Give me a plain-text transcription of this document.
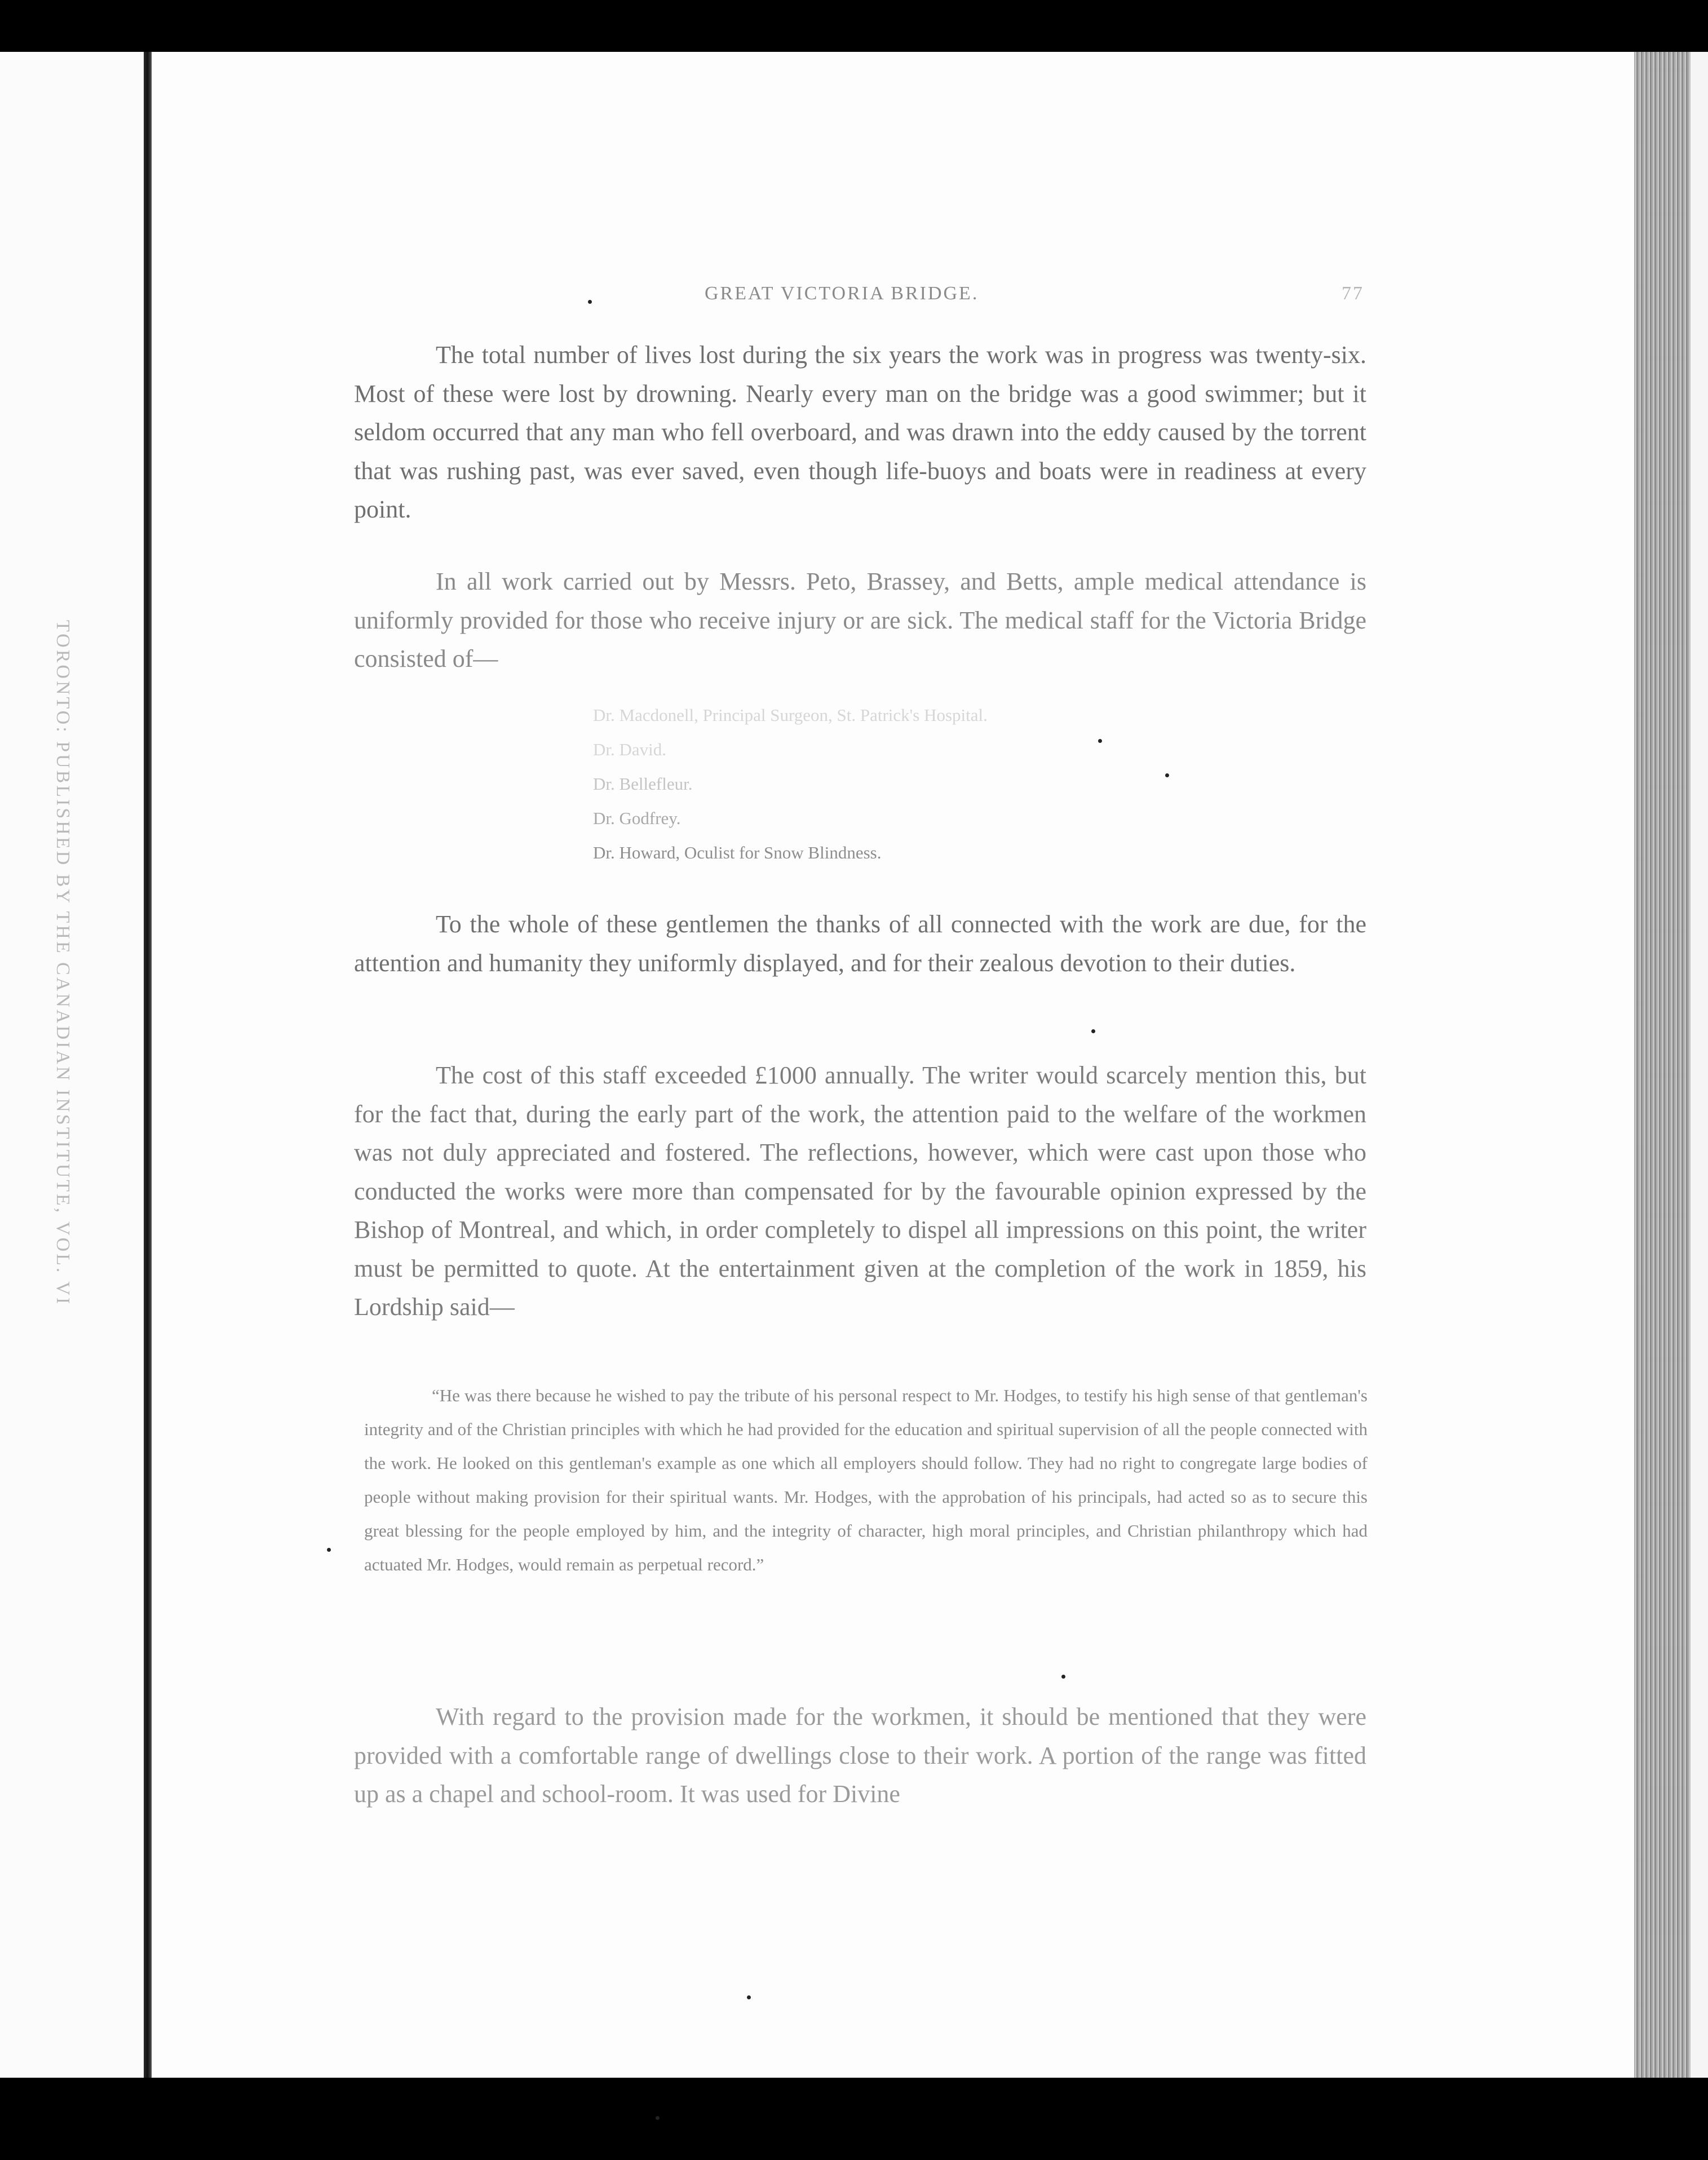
TORONTO: PUBLISHED BY THE CANADIAN INSTITUTE, VOL. VI
GREAT VICTORIA BRIDGE.	77

The total number of lives lost during the six years the work was in progress was twenty-six. Most of these were lost by drowning. Nearly every man on the bridge was a good swimmer; but it seldom occurred that any man who fell overboard, and was drawn into the eddy caused by the torrent that was rushing past, was ever saved, even though life-buoys and boats were in readiness at every point.

In all work carried out by Messrs. Peto, Brassey, and Betts, ample medical attendance is uniformly provided for those who receive injury or are sick. The medical staff for the Victoria Bridge consisted of—

Dr. Macdonell, Principal Surgeon, St. Patrick's Hospital.
Dr. David.
Dr. Bellefleur.
Dr. Godfrey.
Dr. Howard, Oculist for Snow Blindness.

To the whole of these gentlemen the thanks of all connected with the work are due, for the attention and humanity they uniformly displayed, and for their zealous devotion to their duties.

The cost of this staff exceeded £1000 annually. The writer would scarcely mention this, but for the fact that, during the early part of the work, the attention paid to the welfare of the workmen was not duly appreciated and fostered. The reflections, however, which were cast upon those who conducted the works were more than compensated for by the favourable opinion expressed by the Bishop of Montreal, and which, in order completely to dispel all impressions on this point, the writer must be permitted to quote. At the entertainment given at the completion of the work in 1859, his Lordship said—

“He was there because he wished to pay the tribute of his personal respect to Mr. Hodges, to testify his high sense of that gentleman's integrity and of the Christian principles with which he had provided for the education and spiritual supervision of all the people connected with the work. He looked on this gentleman's example as one which all employers should follow. They had no right to congregate large bodies of people without making provision for their spiritual wants. Mr. Hodges, with the approbation of his principals, had acted so as to secure this great blessing for the people employed by him, and the integrity of character, high moral principles, and Christian philanthropy which had actuated Mr. Hodges, would remain as perpetual record.”

With regard to the provision made for the workmen, it should be mentioned that they were provided with a comfortable range of dwellings close to their work. A portion of the range was fitted up as a chapel and school-room. It was used for Divine
